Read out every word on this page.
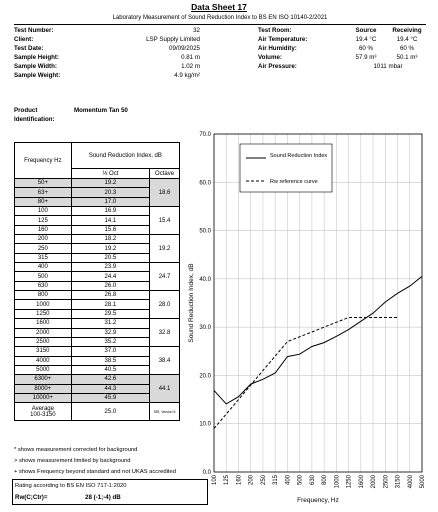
Data Sheet 17
Laboratory Measurement of Sound Reduction Index to BS EN ISO 10140-2/2021
Test Number:	32
Client:	LSP Supply Limited
Test Date:	09/09/2025
Sample Height:	0.81 m
Sample Width:	1.02 m
Sample Weight:	4.9 kg/m²
Test Room:	Source	Receiving
Air Temperature:	19.4 °C	19.4 °C
Air Humidity:	60 %	60 %
Volume:	57.9 m³	50.1 m³
Air Pressure:	1011 mbar
Product
Identification:
Momentum Tan 50
Frequency Hz	Sound Reduction Index, dB	
	⅓ Oct	Octave
50+	19.2	18.6
63+	20.3	
80+	17.0	
100	16.9	15.4
125	14.1	
160	15.6	
200	18.2	19.2
250	19.2	
315	20.5	
400	23.9	24.7
500	24.4	
630	26.0	
800	26.8	28.0
1000	28.1	
1250	29.5	
1600	31.2	32.8
2000	32.9	
2500	35.2	
3150	37.0	38.4
4000	38.5	
5000	40.5	
6300+	42.6	44.1
8000+	44.3	
10000+	45.9	

Average
100-3150	25.0	SRI, Version 5
* shows measurement corrected for background
> shows measurement limited by background
+ shows Frequency beyond standard and not UKAS accredited
Rating according to BS EN ISO 717-1:2020
Rw(C;Ctr)=	28 (-1;-4) dB
0.0
10.0
20.0
30.0
40.0
50.0
60.0
70.0
100 125 160 200 250 315 400 500 630 800 1000 1250 1600 2000 2500 3150 4000 5000
Sound Reduction Index
Rw reference curve
Sound Reduction Index, dB
Frequency, Hz
